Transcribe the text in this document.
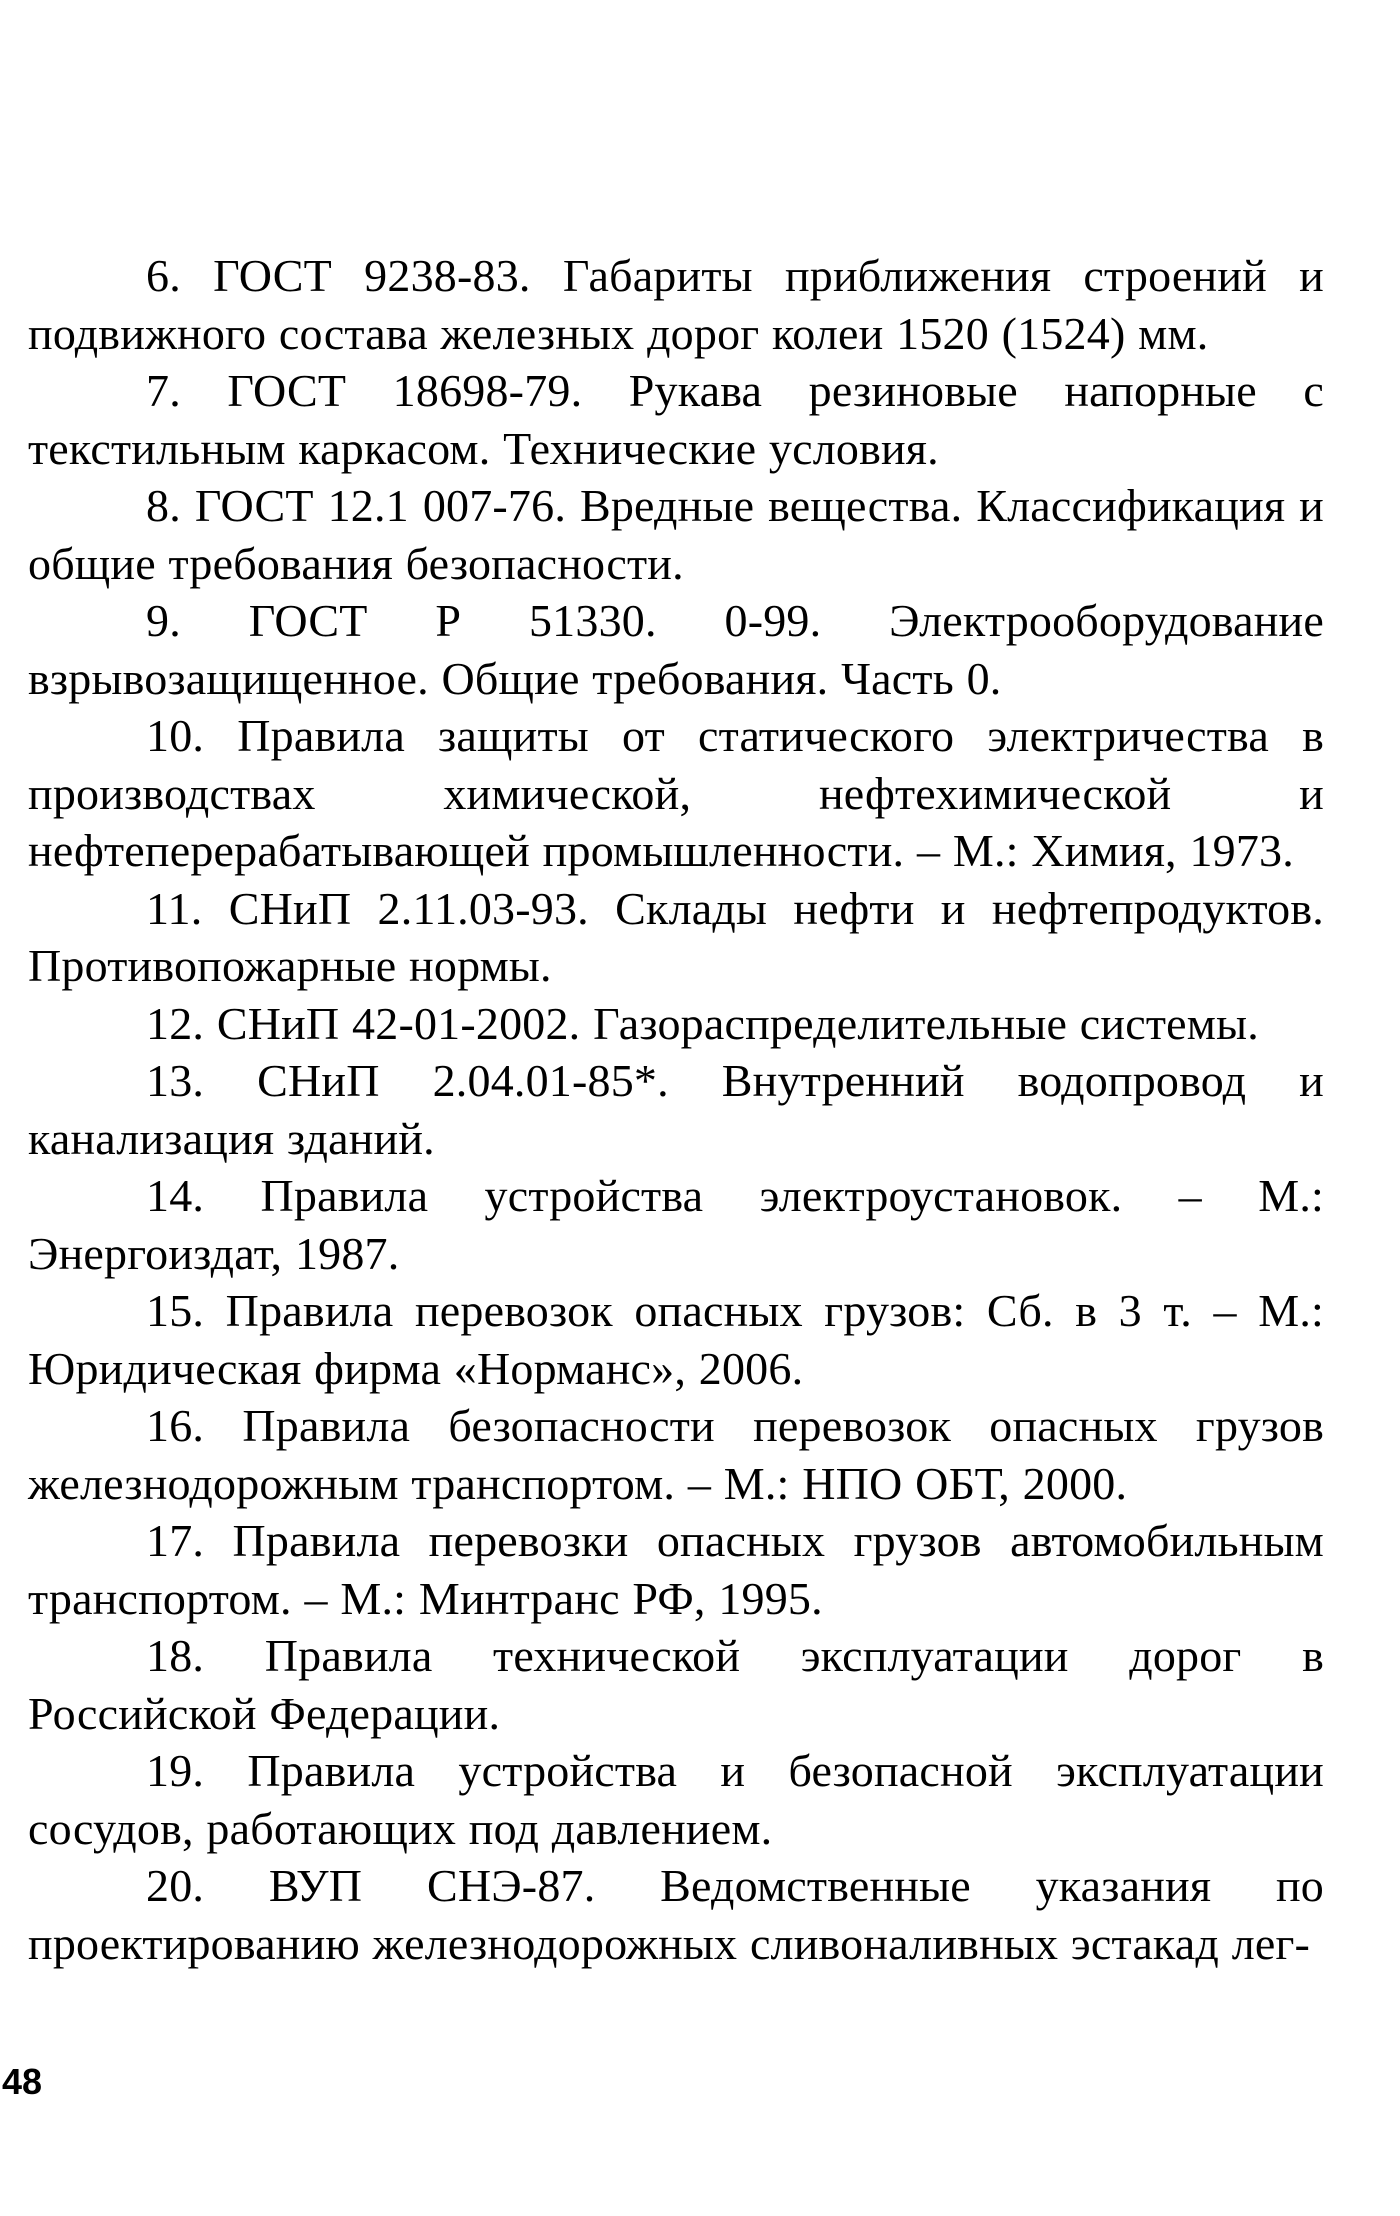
6. ГОСТ 9238-83. Габариты приближения строений и подвижного состава железных дорог колеи 1520 (1524) мм.

7. ГОСТ 18698-79. Рукава резиновые напорные с текстильным каркасом. Технические условия.

8. ГОСТ 12.1 007-76. Вредные вещества. Классификация и общие требования безопасности.

9. ГОСТ Р 51330. 0-99. Электрооборудование взрывозащищенное. Общие требования. Часть 0.

10. Правила защиты от статического электричества в производствах химической, нефтехимической и нефтеперерабатывающей промышленности. – М.: Химия, 1973.

11. СНиП 2.11.03-93. Склады нефти и нефтепродуктов. Противопожарные нормы.

12. СНиП 42-01-2002. Газораспределительные системы.

13. СНиП 2.04.01-85*. Внутренний водопровод и канализация зданий.

14. Правила устройства электроустановок. – М.: Энергоиздат, 1987.

15. Правила перевозок опасных грузов: Сб. в 3 т. – М.: Юридическая фирма «Норманс», 2006.

16. Правила безопасности перевозок опасных грузов железнодорожным транспортом. – М.: НПО ОБТ, 2000.

17. Правила перевозки опасных грузов автомобильным транспортом. – М.: Минтранс РФ, 1995.

18. Правила технической эксплуатации дорог в Российской Федерации.

19. Правила устройства и безопасной эксплуатации сосудов, работающих под давлением.

20. ВУП СНЭ-87. Ведомственные указания по проектированию железнодорожных сливоналивных эстакад лег-

48
